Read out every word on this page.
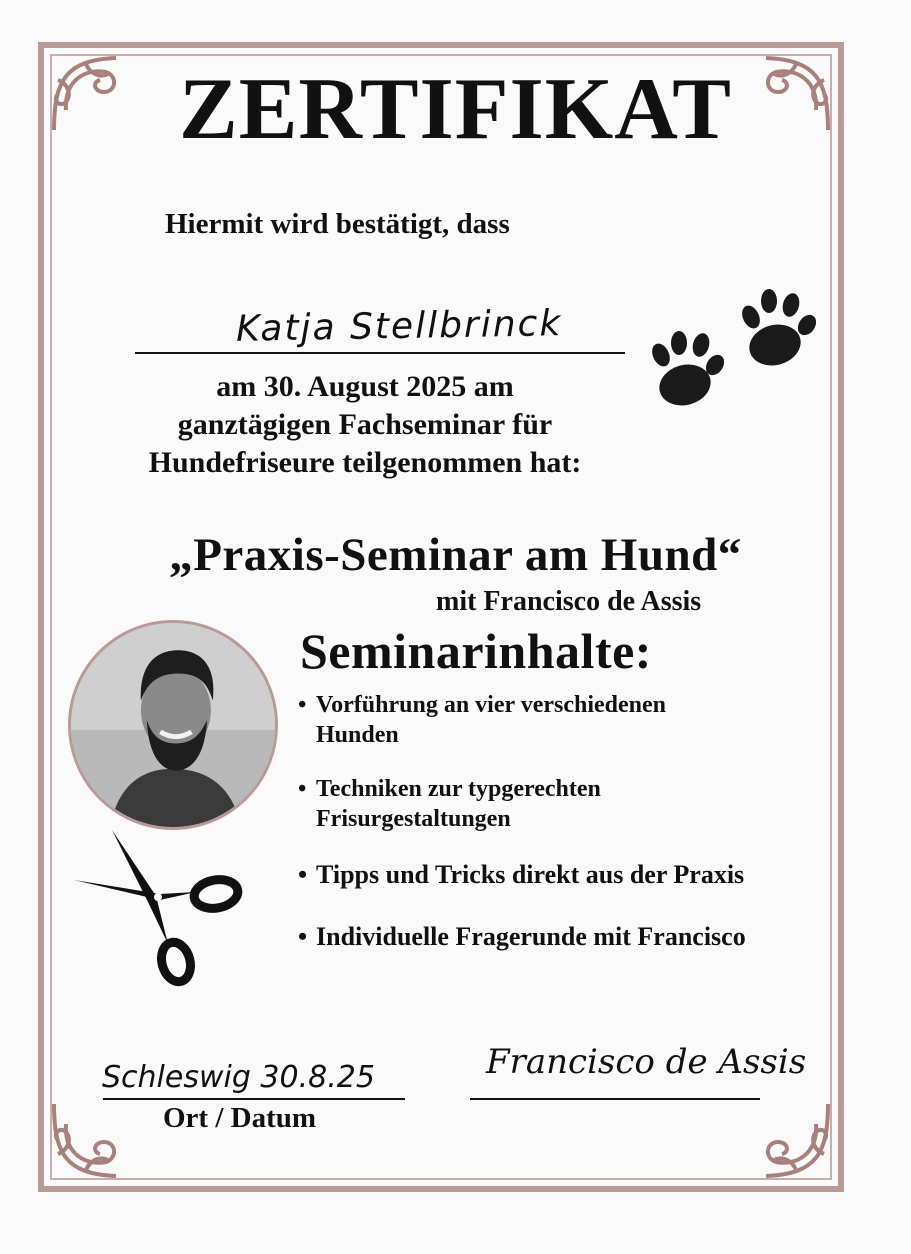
ZERTIFIKAT
Hiermit wird bestätigt, dass
Katja Stellbrinck
am 30. August 2025 am
ganztägigen Fachseminar für
Hundefriseure teilgenommen hat:
„Praxis-Seminar am Hund“
mit Francisco de Assis
Seminarinhalte:
• Vorführung an vier verschiedenen
Hunden
• Techniken zur typgerechten
Frisurgestaltungen
• Tipps und Tricks direkt aus der Praxis
• Individuelle Fragerunde mit Francisco
Schleswig 30.8.25
Ort / Datum
Francisco de Assis
